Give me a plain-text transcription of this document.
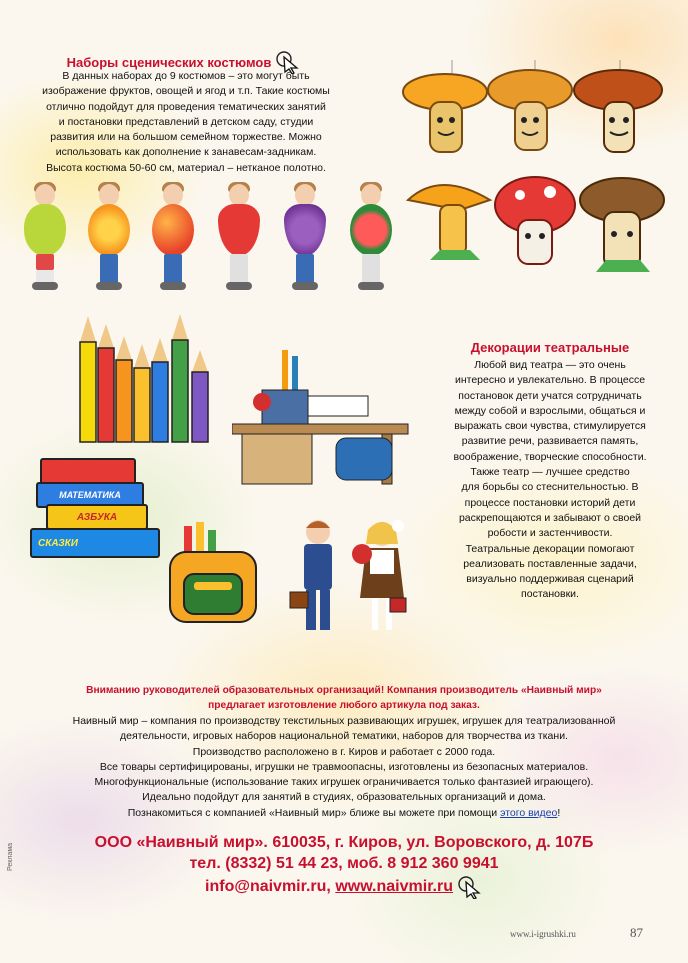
Наборы сценических костюмов

В данных наборах до 9 костюмов – это могут быть

изображение фруктов, овощей и ягод и т.п. Такие костюмы

отлично подойдут для проведения тематических занятий

и постановки представлений в детском саду, студии

развития или на большом семейном торжестве. Можно

использовать как дополнение к занавесам-задникам.

Высота костюма 50-60 см, материал – нетканое полотно.

МАТЕМАТИКА
АЗБУКА
СКАЗКИ
Декорации театральные

Любой вид театра — это очень

интересно и увлекательно. В процессе

постановок дети учатся сотрудничать

между собой и взрослыми, общаться и

выражать свои чувства, стимулируется

развитие речи, развивается память,

воображение, творческие способности.

Также театр — лучшее средство

для борьбы со стеснительностью. В

процессе постановки историй дети

раскрепощаются и забывают о своей

робости и застенчивости.

Театральные декорации помогают

реализовать поставленные задачи,

визуально поддерживая сценарий

постановки.

Вниманию руководителей образовательных организаций! Компания производитель «Наивный мир»

предлагает изготовление любого артикула под заказ.

Наивный мир – компания по производству текстильных развивающих игрушек, игрушек для театрализованной

деятельности, игровых наборов национальной тематики, наборов для творчества из ткани.

Производство расположено в г. Киров и работает с 2000 года.

Все товары сертифицированы, игрушки не травмоопасны, изготовлены из безопасных материалов.

Многофункциональные (использование таких игрушек ограничивается только фантазией играющего).

Идеально подойдут для занятий в студиях, образовательных организаций и дома.

Познакомиться с компанией «Наивный мир» ближе вы можете при помощи этого видео!

ООО «Наивный мир». 610035, г. Киров, ул. Воровского, д. 107Б
тел. (8332) 51 44 23, моб. 8 912 360 9941
info@naivmir.ru , www.naivmir.ru
Реклама
www.i-igrushki.ru	87
